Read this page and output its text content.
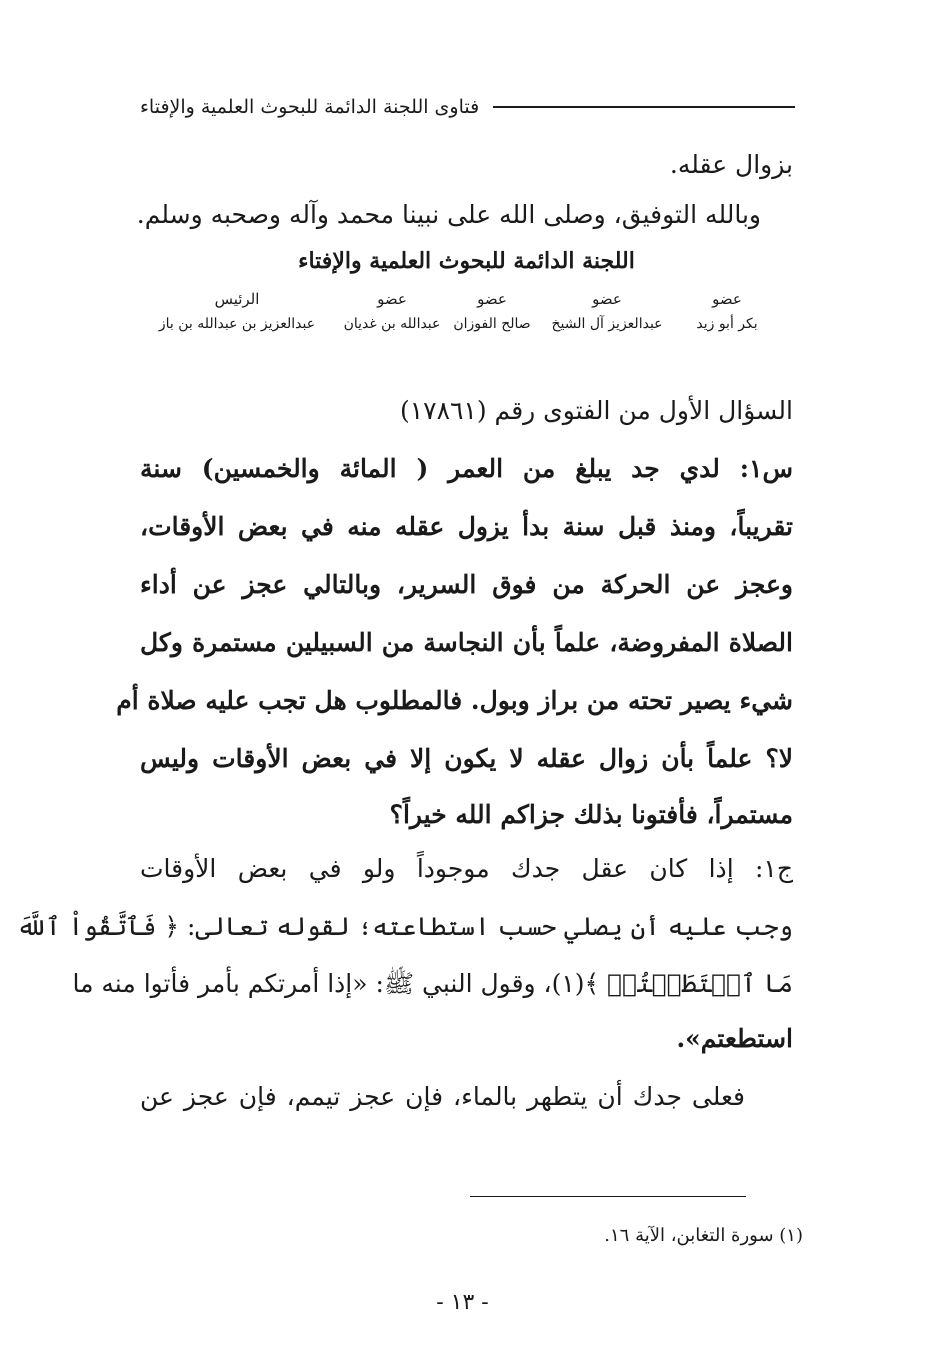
فتاوى اللجنة الدائمة للبحوث العلمية والإفتاء
بزوال عقله.
وبالله التوفيق، وصلى الله على نبينا محمد وآله وصحبه وسلم.
اللجنة الدائمة للبحوث العلمية والإفتاء
عضو
بكر أبو زيد
عضو
عبدالعزيز آل الشيخ
عضو
صالح الفوزان
عضو
عبدالله بن غديان
الرئيس
عبدالعزيز بن عبدالله بن باز
السؤال الأول من الفتوى رقم (١٧٨٦١)
س١: لدي جد يبلغ من العمر ( المائة والخمسين) سنة
تقريباً، ومنذ قبل سنة بدأ يزول عقله منه في بعض الأوقات،
وعجز عن الحركة من فوق السرير، وبالتالي عجز عن أداء
الصلاة المفروضة، علماً بأن النجاسة من السبيلين مستمرة وكل
شيء يصير تحته من براز وبول. فالمطلوب هل تجب عليه صلاة أم
لا؟ علماً بأن زوال عقله لا يكون إلا في بعض الأوقات وليس
مستمراً، فأفتونا بذلك جزاكم الله خيراً؟
ج١: إذا كان عقل جدك موجوداً ولو في بعض الأوقات
وجب عليه أن يصلي حسب استطاعته؛ لقوله تعالى: ﴿ فَٱتَّقُواْ ٱللَّهَ
مَا ٱسۡتَطَعۡتُمۡ ﴾(١)، وقول النبي ﷺ: «إذا أمرتكم بأمر فأتوا منه ما
استطعتم».
فعلى جدك أن يتطهر بالماء، فإن عجز تيمم، فإن عجز عن
(١) سورة التغابن، الآية ١٦.
- ١٣ -
